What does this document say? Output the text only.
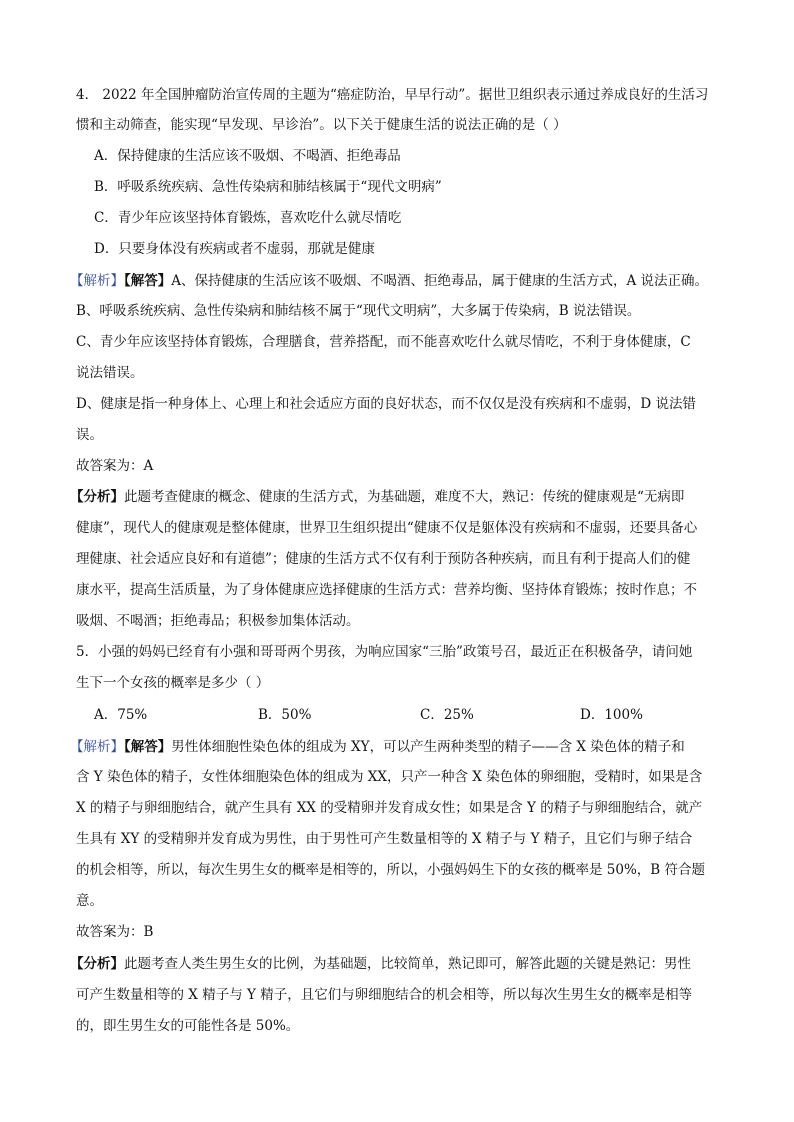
4． 2022 年全国肿瘤防治宣传周的主题为“癌症防治，早早行动”。据世卫组织表示通过养成良好的生活习

惯和主动筛查，能实现“早发现、早诊治”。以下关于健康生活的说法正确的是（ ）

A．保持健康的生活应该不吸烟、不喝酒、拒绝毒品

B．呼吸系统疾病、急性传染病和肺结核属于“现代文明病”

C．青少年应该坚持体育锻炼，喜欢吃什么就尽情吃

D．只要身体没有疾病或者不虚弱，那就是健康

【解析】【解答】A、保持健康的生活应该不吸烟、不喝酒、拒绝毒品，属于健康的生活方式，A 说法正确。

B、呼吸系统疾病、急性传染病和肺结核不属于“现代文明病”，大多属于传染病，B 说法错误。

C、青少年应该坚持体育锻炼，合理膳食，营养搭配，而不能喜欢吃什么就尽情吃，不利于身体健康，C

说法错误。

D、健康是指一种身体上、心理上和社会适应方面的良好状态，而不仅仅是没有疾病和不虚弱，D 说法错

误。

故答案为：A

【分析】此题考查健康的概念、健康的生活方式，为基础题，难度不大，熟记：传统的健康观是“无病即

健康”，现代人的健康观是整体健康，世界卫生组织提出“健康不仅是躯体没有疾病和不虚弱，还要具备心

理健康、社会适应良好和有道德”；健康的生活方式不仅有利于预防各种疾病，而且有利于提高人们的健

康水平，提高生活质量，为了身体健康应选择健康的生活方式：营养均衡、坚持体育锻炼；按时作息；不

吸烟、不喝酒；拒绝毒品；积极参加集体活动。

5．小强的妈妈已经育有小强和哥哥两个男孩，为响应国家“三胎”政策号召，最近正在积极备孕，请问她

生下一个女孩的概率是多少（ ）

A．75%	B．50%	C．25%	D．100%

【解析】【解答】男性体细胞性染色体的组成为 XY，可以产生两种类型的精子——含 X 染色体的精子和

含 Y 染色体的精子，女性体细胞染色体的组成为 XX，只产一种含 X 染色体的卵细胞，受精时，如果是含

X 的精子与卵细胞结合，就产生具有 XX 的受精卵并发育成女性；如果是含 Y 的精子与卵细胞结合，就产

生具有 XY 的受精卵并发育成为男性，由于男性可产生数量相等的 X 精子与 Y 精子，且它们与卵子结合

的机会相等，所以，每次生男生女的概率是相等的，所以，小强妈妈生下的女孩的概率是 50%，B 符合题

意。

故答案为：B

【分析】此题考查人类生男生女的比例，为基础题，比较简单，熟记即可，解答此题的关键是熟记：男性

可产生数量相等的 X 精子与 Y 精子，且它们与卵细胞结合的机会相等，所以每次生男生女的概率是相等

的，即生男生女的可能性各是 50%。
